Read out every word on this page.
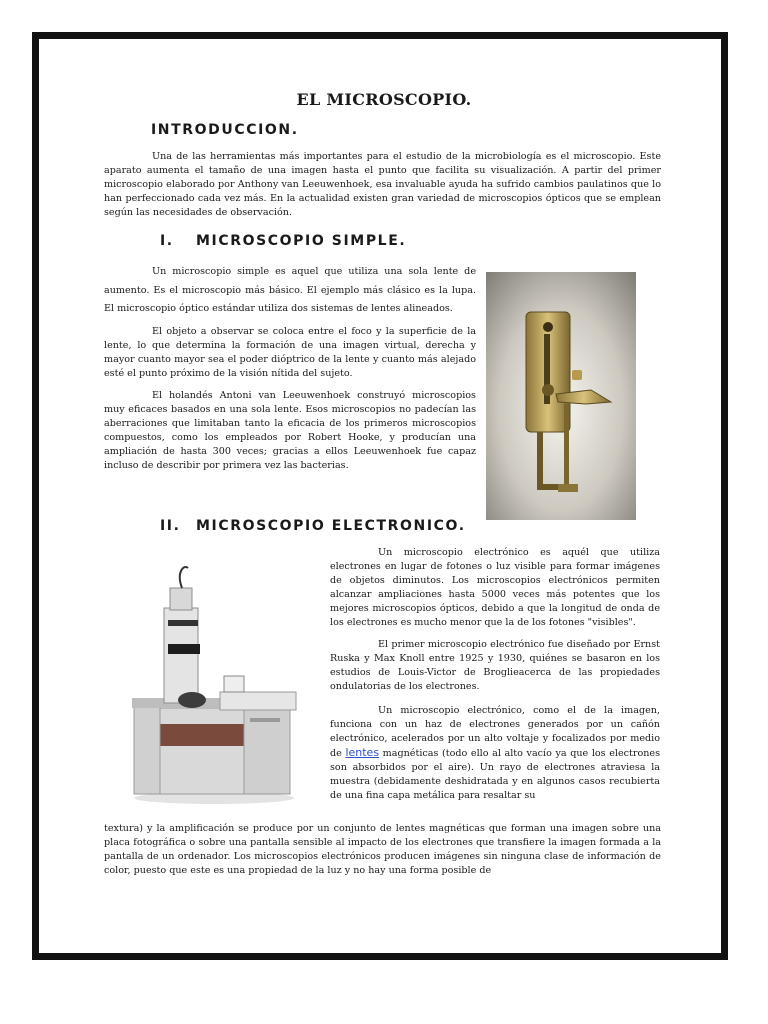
EL MICROSCOPIO.
INTRODUCCION.

Una de las herramientas más importantes para el estudio de la microbiología es el microscopio. Este aparato aumenta el tamaño de una imagen hasta el punto que facilita su visualización. A partir del primer microscopio elaborado por Anthony van Leeuwenhoek, esa invaluable ayuda ha sufrido cambios paulatinos que lo han perfeccionado cada vez más. En la actualidad existen gran variedad de microscopios ópticos que se emplean según las necesidades de observación.

I. MICROSCOPIO SIMPLE.

Un microscopio simple es aquel que utiliza una sola lente de aumento. Es el microscopio más básico. El ejemplo más clásico es la lupa. El microscopio óptico estándar utiliza dos sistemas de lentes alineados.

El objeto a observar se coloca entre el foco y la superficie de la lente, lo que determina la formación de una imagen virtual, derecha y mayor cuanto mayor sea el poder dióptrico de la lente y cuanto más alejado esté el punto próximo de la visión nítida del sujeto.

El holandés Antoni van Leeuwenhoek construyó microscopios muy eficaces basados en una sola lente. Esos microscopios no padecían las aberraciones que limitaban tanto la eficacia de los primeros microscopios compuestos, como los empleados por Robert Hooke, y producían una ampliación de hasta 300 veces; gracias a ellos Leeuwenhoek fue capaz incluso de describir por primera vez las bacterias.

II. MICROSCOPIO ELECTRONICO.

Un microscopio electrónico es aquél que utiliza electrones en lugar de fotones o luz visible para formar imágenes de objetos diminutos. Los microscopios electrónicos permiten alcanzar ampliaciones hasta 5000 veces más potentes que los mejores microscopios ópticos, debido a que la longitud de onda de los electrones es mucho menor que la de los fotones "visibles".

El primer microscopio electrónico fue diseñado por Ernst Ruska y Max Knoll entre 1925 y 1930, quiénes se basaron en los estudios de Louis-Victor de Broglieacerca de las propiedades ondulatorias de los electrones.

Un microscopio electrónico, como el de la imagen, funciona con un haz de electrones generados por un cañón electrónico, acelerados por un alto voltaje y focalizados por medio de lentes magnéticas (todo ello al alto vacío ya que los electrones son absorbidos por el aire). Un rayo de electrones atraviesa la muestra (debidamente deshidratada y en algunos casos recubierta de una fina capa metálica para resaltar su

textura) y la amplificación se produce por un conjunto de lentes magnéticas que forman una imagen sobre una placa fotográfica o sobre una pantalla sensible al impacto de los electrones que transfiere la imagen formada a la pantalla de un ordenador. Los microscopios electrónicos producen imágenes sin ninguna clase de información de color, puesto que este es una propiedad de la luz y no hay una forma posible de
